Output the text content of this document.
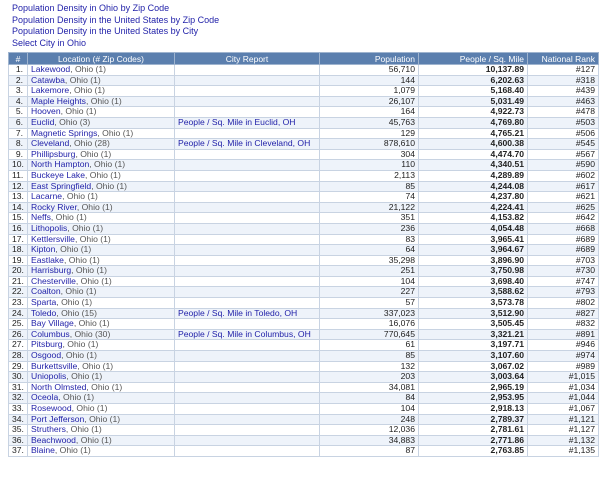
Population Density in Ohio by Zip Code
Population Density in the United States by Zip Code
Population Density in the United States by City
Select City in Ohio
#	Location (# Zip Codes)	City Report	Population	People / Sq. Mile	National Rank
1.	Lakewood, Ohio (1)		56,710	10,137.89	#127
2.	Catawba, Ohio (1)		144	6,202.63	#318
3.	Lakemore, Ohio (1)		1,079	5,168.40	#439
4.	Maple Heights, Ohio (1)		26,107	5,031.49	#463
5.	Hooven, Ohio (1)		164	4,922.73	#478
6.	Euclid, Ohio (3)	People / Sq. Mile in Euclid, OH	45,763	4,769.80	#503
7.	Magnetic Springs, Ohio (1)		129	4,765.21	#506
8.	Cleveland, Ohio (28)	People / Sq. Mile in Cleveland, OH	878,610	4,600.38	#545
9.	Phillipsburg, Ohio (1)		304	4,474.70	#567
10.	North Hampton, Ohio (1)		110	4,340.51	#590
11.	Buckeye Lake, Ohio (1)		2,113	4,289.89	#602
12.	East Springfield, Ohio (1)		85	4,244.08	#617
13.	Lacarne, Ohio (1)		74	4,237.80	#621
14.	Rocky River, Ohio (1)		21,122	4,224.41	#625
15.	Neffs, Ohio (1)		351	4,153.82	#642
16.	Lithopolis, Ohio (1)		236	4,054.48	#668
17.	Kettlersville, Ohio (1)		83	3,965.41	#689
18.	Kipton, Ohio (1)		64	3,964.67	#689
19.	Eastlake, Ohio (1)		35,298	3,896.90	#703
20.	Harrisburg, Ohio (1)		251	3,750.98	#730
21.	Chesterville, Ohio (1)		104	3,698.40	#747
22.	Coalton, Ohio (1)		227	3,588.62	#793
23.	Sparta, Ohio (1)		57	3,573.78	#802
24.	Toledo, Ohio (15)	People / Sq. Mile in Toledo, OH	337,023	3,512.90	#827
25.	Bay Village, Ohio (1)		16,076	3,505.45	#832
26.	Columbus, Ohio (30)	People / Sq. Mile in Columbus, OH	770,645	3,321.21	#891
27.	Pitsburg, Ohio (1)		61	3,197.71	#946
28.	Osgood, Ohio (1)		85	3,107.60	#974
29.	Burkettsville, Ohio (1)		132	3,067.02	#989
30.	Uniopolis, Ohio (1)		203	3,003.64	#1,015
31.	North Olmsted, Ohio (1)		34,081	2,965.19	#1,034
32.	Oceola, Ohio (1)		84	2,953.95	#1,044
33.	Rosewood, Ohio (1)		104	2,918.13	#1,067
34.	Port Jefferson, Ohio (1)		248	2,789.37	#1,121
35.	Struthers, Ohio (1)		12,036	2,781.61	#1,127
36.	Beachwood, Ohio (1)		34,883	2,771.86	#1,132
37.	Blaine, Ohio (1)		87	2,763.85	#1,135
